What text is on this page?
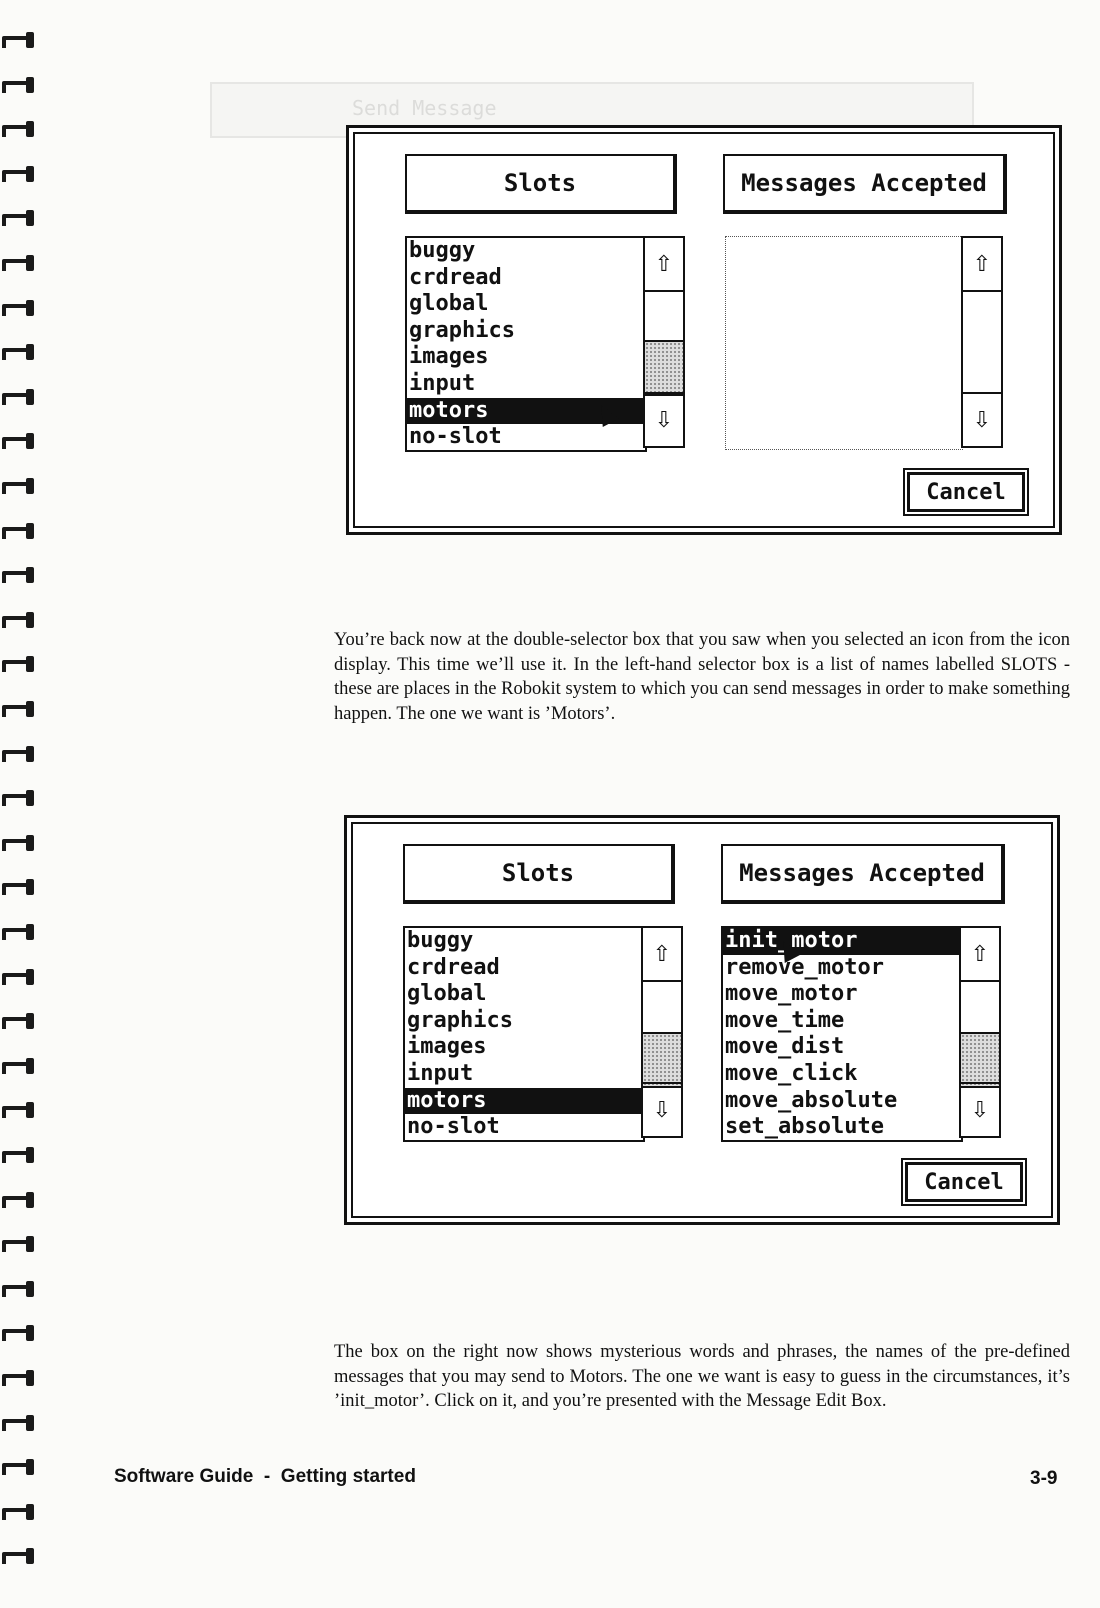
Send Message
Slots	Messages Accepted
buggy
crdread
global
graphics
images
input
motors
no-slot
⇧
⇩
⇧
⇩
Cancel
You’re back now at the double-selector box that you saw when you selected an icon from the icon display. This time we’ll use it. In the left-hand selector box is a list of names labelled SLOTS - these are places in the Robokit system to which you can send messages in order to make something happen. The one we want is ’Motors’.
Slots	Messages Accepted
buggy
crdread
global
graphics
images
input
motors
no-slot
⇧
⇩
init_motor
remove_motor
move_motor
move_time
move_dist
move_click
move_absolute
set_absolute
⇧
⇩
Cancel
The box on the right now shows mysterious words and phrases, the names of the pre-defined messages that you may send to Motors. The one we want is easy to guess in the circumstances, it’s ’init_motor’. Click on it, and you’re presented with the Message Edit Box.
Software Guide  -  Getting started	3-9
